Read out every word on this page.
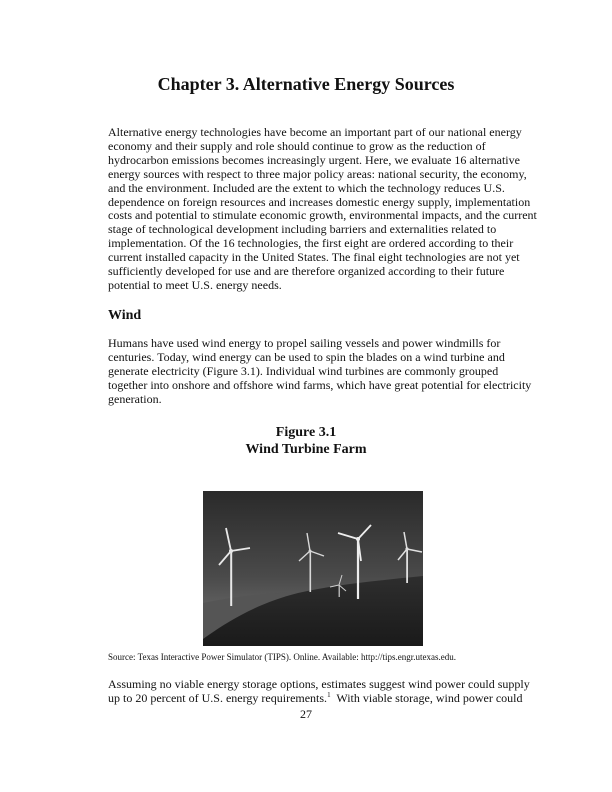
Chapter 3. Alternative Energy Sources

Alternative energy technologies have become an important part of our national energy economy and their supply and role should continue to grow as the reduction of hydrocarbon emissions becomes increasingly urgent. Here, we evaluate 16 alternative energy sources with respect to three major policy areas: national security, the economy, and the environment. Included are the extent to which the technology reduces U.S. dependence on foreign resources and increases domestic energy supply, implementation costs and potential to stimulate economic growth, environmental impacts, and the current stage of technological development including barriers and externalities related to implementation. Of the 16 technologies, the first eight are ordered according to their current installed capacity in the United States. The final eight technologies are not yet sufficiently developed for use and are therefore organized according to their future potential to meet U.S. energy needs.

Wind

Humans have used wind energy to propel sailing vessels and power windmills for centuries. Today, wind energy can be used to spin the blades on a wind turbine and generate electricity (Figure 3.1). Individual wind turbines are commonly grouped together into onshore and offshore wind farms, which have great potential for electricity generation.

Figure 3.1
Wind Turbine Farm

Source: Texas Interactive Power Simulator (TIPS). Online. Available: http://tips.engr.utexas.edu.

Assuming no viable energy storage options, estimates suggest wind power could supply up to 20 percent of U.S. energy requirements.$^1$  With viable storage, wind power could

27
